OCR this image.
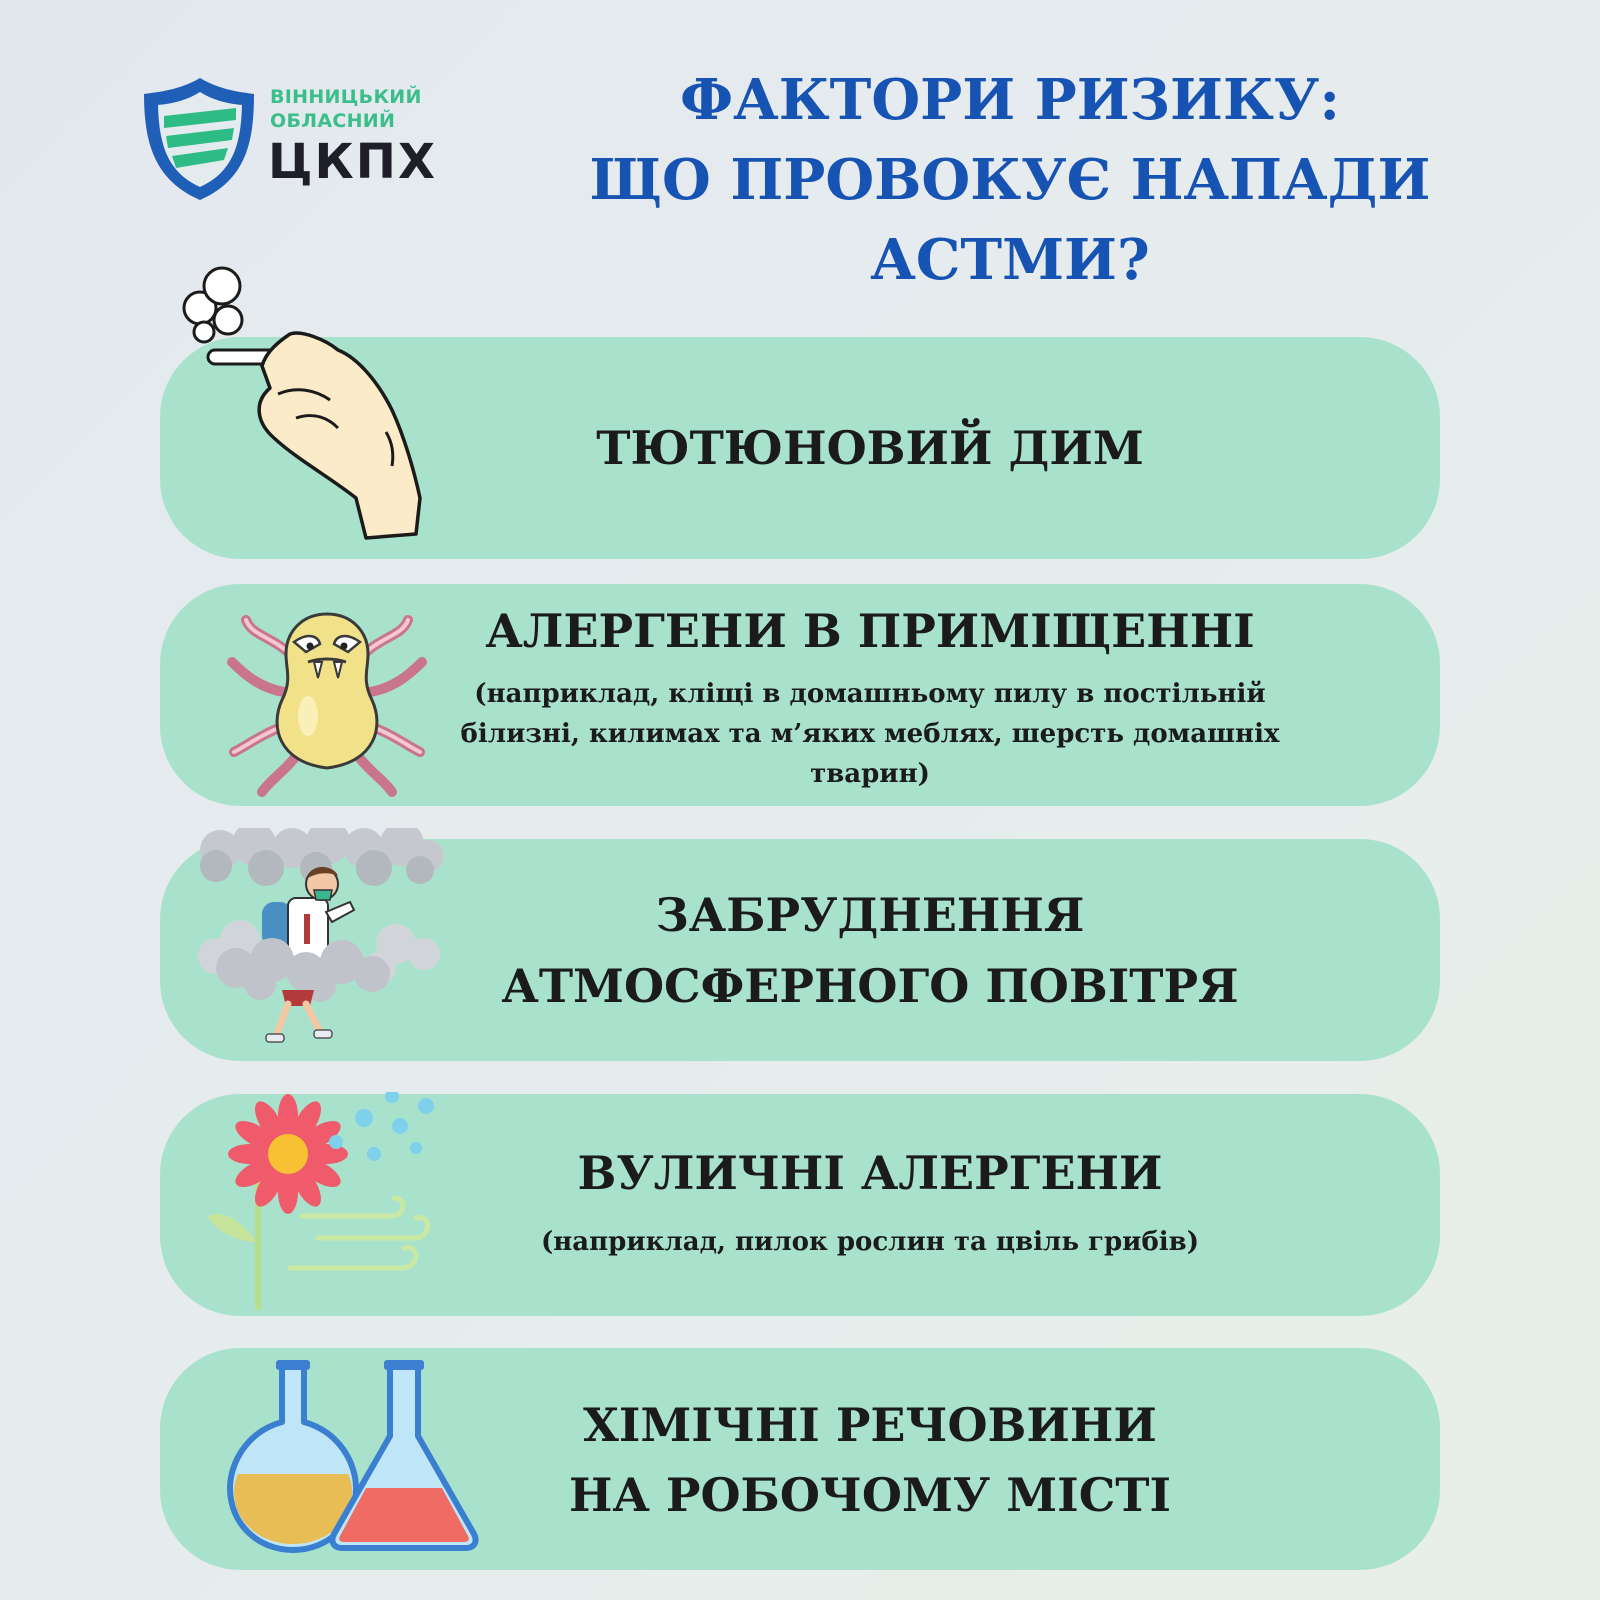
ВІННИЦЬКИЙ
ОБЛАСНИЙ
ЦКПХ
ФАКТОРИ РИЗИКУ:
ЩО ПРОВОКУЄ НАПАДИ
АСТМИ?
ТЮТЮНОВИЙ ДИМ
АЛЕРГЕНИ В ПРИМІЩЕННІ
(наприклад, кліщі в домашньому пилу в постільній
білизні, килимах та м’яких меблях, шерсть домашніх
тварин)
ЗАБРУДНЕННЯ
АТМОСФЕРНОГО ПОВІТРЯ
ВУЛИЧНІ АЛЕРГЕНИ
(наприклад, пилок рослин та цвіль грибів)
ХІМІЧНІ РЕЧОВИНИ
НА РОБОЧОМУ МІСТІ
